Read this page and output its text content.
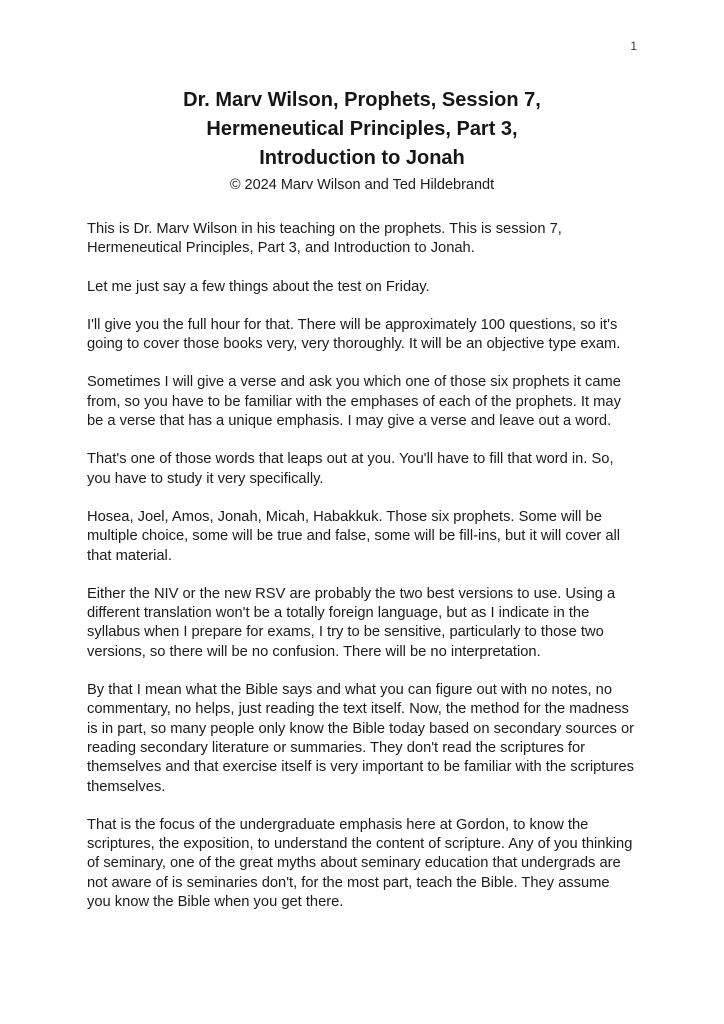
1
Dr. Marv Wilson, Prophets, Session 7,
Hermeneutical Principles, Part 3,
Introduction to Jonah
© 2024 Marv Wilson and Ted Hildebrandt

This is Dr. Marv Wilson in his teaching on the prophets. This is session 7, Hermeneutical Principles, Part 3, and Introduction to Jonah.

Let me just say a few things about the test on Friday.

I'll give you the full hour for that. There will be approximately 100 questions, so it's going to cover those books very, very thoroughly. It will be an objective type exam.

Sometimes I will give a verse and ask you which one of those six prophets it came from, so you have to be familiar with the emphases of each of the prophets. It may be a verse that has a unique emphasis. I may give a verse and leave out a word.

That's one of those words that leaps out at you. You'll have to fill that word in. So, you have to study it very specifically.

Hosea, Joel, Amos, Jonah, Micah, Habakkuk. Those six prophets. Some will be multiple choice, some will be true and false, some will be fill-ins, but it will cover all that material.

Either the NIV or the new RSV are probably the two best versions to use. Using a different translation won't be a totally foreign language, but as I indicate in the syllabus when I prepare for exams, I try to be sensitive, particularly to those two versions, so there will be no confusion. There will be no interpretation.

By that I mean what the Bible says and what you can figure out with no notes, no commentary, no helps, just reading the text itself. Now, the method for the madness is in part, so many people only know the Bible today based on secondary sources or reading secondary literature or summaries. They don't read the scriptures for themselves and that exercise itself is very important to be familiar with the scriptures themselves.

That is the focus of the undergraduate emphasis here at Gordon, to know the scriptures, the exposition, to understand the content of scripture. Any of you thinking of seminary, one of the great myths about seminary education that undergrads are not aware of is seminaries don't, for the most part, teach the Bible. They assume you know the Bible when you get there.
